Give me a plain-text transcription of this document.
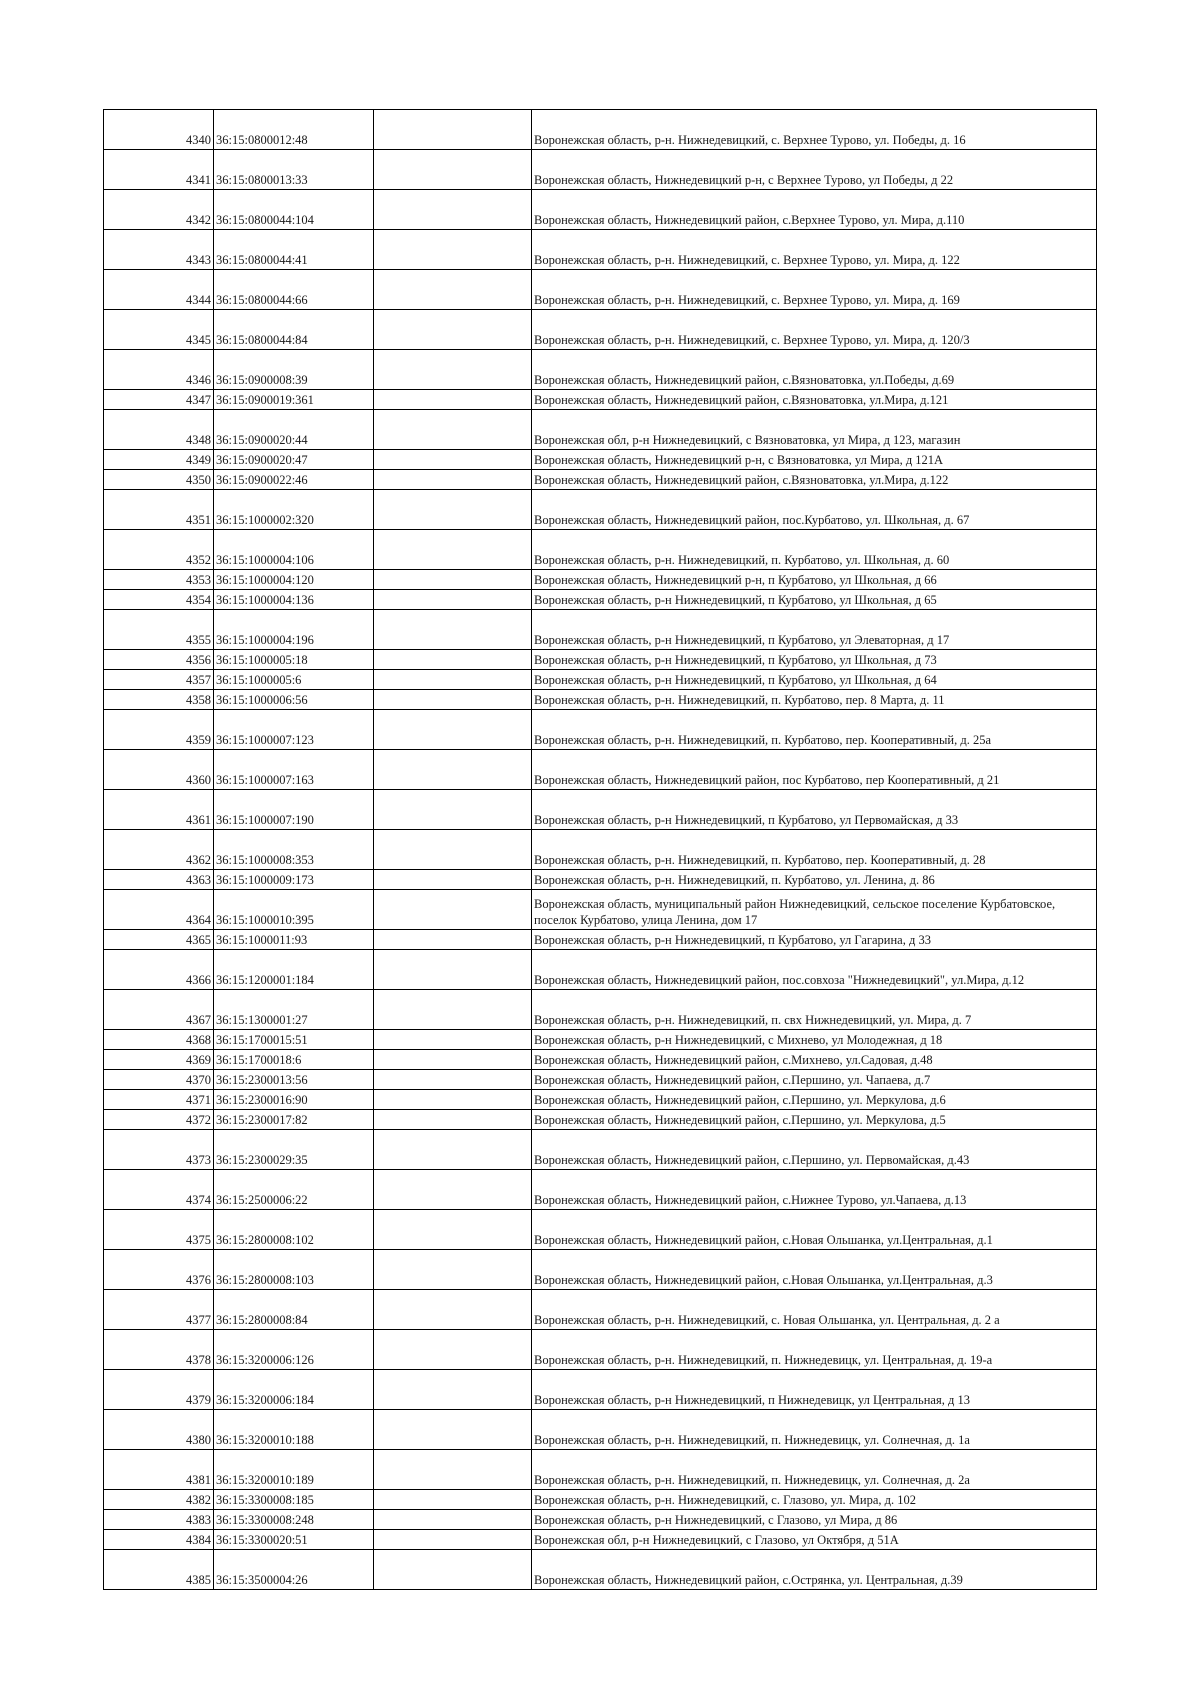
4340	36:15:0800012:48		Воронежская область, р-н. Нижнедевицкий, с. Верхнее Турово, ул. Победы, д. 16
4341	36:15:0800013:33		Воронежская область, Нижнедевицкий р-н, с Верхнее Турово, ул Победы, д 22
4342	36:15:0800044:104		Воронежская область, Нижнедевицкий район, с.Верхнее Турово, ул. Мира, д.110
4343	36:15:0800044:41		Воронежская область, р-н. Нижнедевицкий, с. Верхнее Турово, ул. Мира, д. 122
4344	36:15:0800044:66		Воронежская область, р-н. Нижнедевицкий, с. Верхнее Турово, ул. Мира, д. 169
4345	36:15:0800044:84		Воронежская область, р-н. Нижнедевицкий, с. Верхнее Турово, ул. Мира, д. 120/3
4346	36:15:0900008:39		Воронежская область, Нижнедевицкий район, с.Вязноватовка, ул.Победы, д.69
4347	36:15:0900019:361		Воронежская область, Нижнедевицкий район, с.Вязноватовка, ул.Мира, д.121
4348	36:15:0900020:44		Воронежская обл, р-н Нижнедевицкий, с Вязноватовка, ул Мира, д 123, магазин
4349	36:15:0900020:47		Воронежская область, Нижнедевицкий р-н, с Вязноватовка, ул Мира, д 121А
4350	36:15:0900022:46		Воронежская область, Нижнедевицкий район, с.Вязноватовка, ул.Мира, д.122
4351	36:15:1000002:320		Воронежская область, Нижнедевицкий район, пос.Курбатово, ул. Школьная, д. 67
4352	36:15:1000004:106		Воронежская область, р-н. Нижнедевицкий, п. Курбатово, ул. Школьная, д. 60
4353	36:15:1000004:120		Воронежская область, Нижнедевицкий р-н, п Курбатово, ул Школьная, д 66
4354	36:15:1000004:136		Воронежская область, р-н Нижнедевицкий, п Курбатово, ул Школьная, д 65
4355	36:15:1000004:196		Воронежская область, р-н Нижнедевицкий, п Курбатово, ул Элеваторная, д 17
4356	36:15:1000005:18		Воронежская область, р-н Нижнедевицкий, п Курбатово, ул Школьная, д 73
4357	36:15:1000005:6		Воронежская область, р-н Нижнедевицкий, п Курбатово, ул Школьная, д 64
4358	36:15:1000006:56		Воронежская область, р-н. Нижнедевицкий, п. Курбатово, пер. 8 Марта, д. 11
4359	36:15:1000007:123		Воронежская область, р-н. Нижнедевицкий, п. Курбатово, пер. Кооперативный, д. 25а
4360	36:15:1000007:163		Воронежская область, Нижнедевицкий район, пос Курбатово, пер Кооперативный, д 21
4361	36:15:1000007:190		Воронежская область, р-н Нижнедевицкий, п Курбатово, ул Первомайская, д 33
4362	36:15:1000008:353		Воронежская область, р-н. Нижнедевицкий, п. Курбатово, пер. Кооперативный, д. 28
4363	36:15:1000009:173		Воронежская область, р-н. Нижнедевицкий, п. Курбатово, ул. Ленина, д. 86
4364	36:15:1000010:395		Воронежская область, муниципальный район Нижнедевицкий, сельское поселение Курбатовское, поселок Курбатово, улица Ленина, дом 17
4365	36:15:1000011:93		Воронежская область, р-н Нижнедевицкий, п Курбатово, ул Гагарина, д 33
4366	36:15:1200001:184		Воронежская область, Нижнедевицкий район, пос.совхоза "Нижнедевицкий", ул.Мира, д.12
4367	36:15:1300001:27		Воронежская область, р-н. Нижнедевицкий, п. свх Нижнедевицкий, ул. Мира, д. 7
4368	36:15:1700015:51		Воронежская область, р-н Нижнедевицкий, с Михнево, ул Молодежная, д 18
4369	36:15:1700018:6		Воронежская область, Нижнедевицкий район, с.Михнево, ул.Садовая, д.48
4370	36:15:2300013:56		Воронежская область, Нижнедевицкий район, с.Першино, ул. Чапаева, д.7
4371	36:15:2300016:90		Воронежская область, Нижнедевицкий район, с.Першино, ул. Меркулова, д.6
4372	36:15:2300017:82		Воронежская область, Нижнедевицкий район, с.Першино, ул. Меркулова, д.5
4373	36:15:2300029:35		Воронежская область, Нижнедевицкий район, с.Першино, ул. Первомайская, д.43
4374	36:15:2500006:22		Воронежская область, Нижнедевицкий район, с.Нижнее Турово, ул.Чапаева, д.13
4375	36:15:2800008:102		Воронежская область, Нижнедевицкий район, с.Новая Ольшанка, ул.Центральная, д.1
4376	36:15:2800008:103		Воронежская область, Нижнедевицкий район, с.Новая Ольшанка, ул.Центральная, д.3
4377	36:15:2800008:84		Воронежская область, р-н. Нижнедевицкий, с. Новая Ольшанка, ул. Центральная, д. 2 а
4378	36:15:3200006:126		Воронежская область, р-н. Нижнедевицкий, п. Нижнедевицк, ул. Центральная, д. 19-а
4379	36:15:3200006:184		Воронежская область, р-н Нижнедевицкий, п Нижнедевицк, ул Центральная, д 13
4380	36:15:3200010:188		Воронежская область, р-н. Нижнедевицкий, п. Нижнедевицк, ул. Солнечная, д. 1а
4381	36:15:3200010:189		Воронежская область, р-н. Нижнедевицкий, п. Нижнедевицк, ул. Солнечная, д. 2а
4382	36:15:3300008:185		Воронежская область, р-н. Нижнедевицкий, с. Глазово, ул. Мира, д. 102
4383	36:15:3300008:248		Воронежская область, р-н Нижнедевицкий, с Глазово, ул Мира, д 86
4384	36:15:3300020:51		Воронежская обл, р-н Нижнедевицкий, с Глазово, ул Октября, д 51А
4385	36:15:3500004:26		Воронежская область, Нижнедевицкий район, с.Острянка, ул. Центральная, д.39
